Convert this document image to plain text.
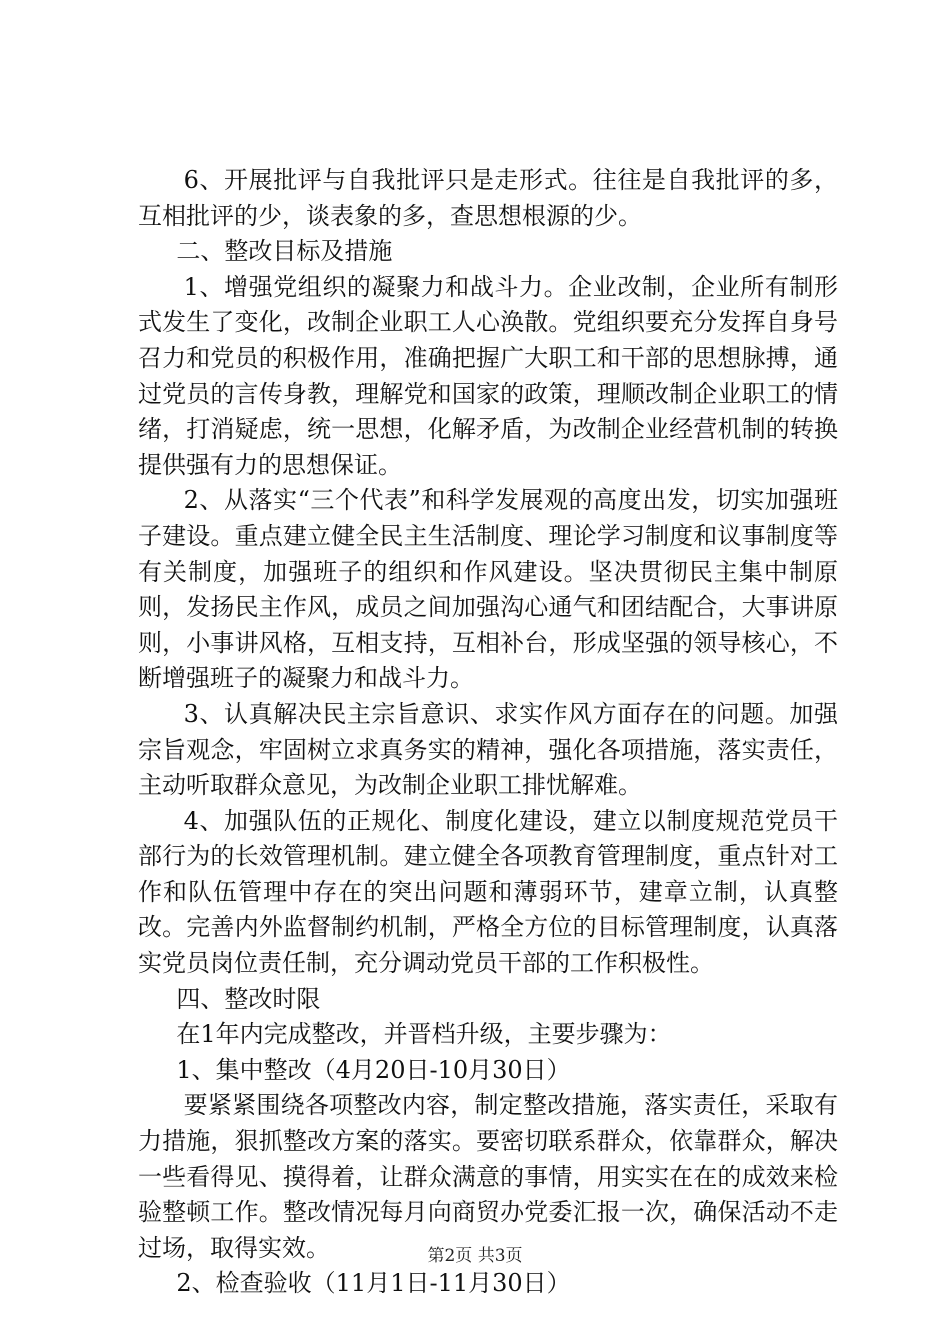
6、开展批评与自我批评只是走形式。往往是自我批评的多，互相批评的少，谈表象的多，查思想根源的少。

二、整改目标及措施

1、增强党组织的凝聚力和战斗力。企业改制，企业所有制形式发生了变化，改制企业职工人心涣散。党组织要充分发挥自身号召力和党员的积极作用，准确把握广大职工和干部的思想脉搏，通过党员的言传身教，理解党和国家的政策，理顺改制企业职工的情绪，打消疑虑，统一思想，化解矛盾，为改制企业经营机制的转换提供强有力的思想保证。

2、从落实“三个代表”和科学发展观的高度出发，切实加强班子建设。重点建立健全民主生活制度、理论学习制度和议事制度等有关制度，加强班子的组织和作风建设。坚决贯彻民主集中制原则，发扬民主作风，成员之间加强沟心通气和团结配合，大事讲原则，小事讲风格，互相支持，互相补台，形成坚强的领导核心，不断增强班子的凝聚力和战斗力。

3、认真解决民主宗旨意识、求实作风方面存在的问题。加强宗旨观念，牢固树立求真务实的精神，强化各项措施，落实责任，主动听取群众意见，为改制企业职工排忧解难。

4、加强队伍的正规化、制度化建设，建立以制度规范党员干部行为的长效管理机制。建立健全各项教育管理制度，重点针对工作和队伍管理中存在的突出问题和薄弱环节，建章立制，认真整改。完善内外监督制约机制，严格全方位的目标管理制度，认真落实党员岗位责任制，充分调动党员干部的工作积极性。

四、整改时限

在1年内完成整改，并晋档升级，主要步骤为：

1、集中整改（4月20日-10月30日）

要紧紧围绕各项整改内容，制定整改措施，落实责任，采取有力措施，狠抓整改方案的落实。要密切联系群众，依靠群众，解决一些看得见、摸得着，让群众满意的事情，用实实在在的成效来检验整顿工作。整改情况每月向商贸办党委汇报一次，确保活动不走过场，取得实效。

2、检查验收（11月1日-11月30日）

第2页 共3页
